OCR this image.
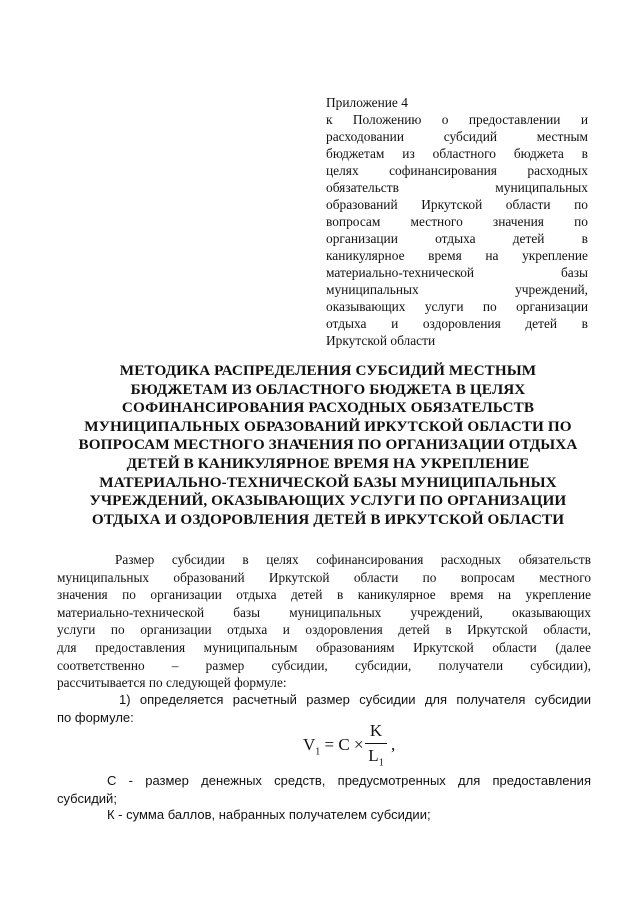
Приложение 4
к Положению о предоставлении и
расходовании субсидий местным
бюджетам из областного бюджета в
целях софинансирования расходных
обязательств муниципальных
образований Иркутской области по
вопросам местного значения по
организации отдыха детей в
каникулярное время на укрепление
материально-технической базы
муниципальных учреждений,
оказывающих услуги по организации
отдыха и оздоровления детей в
Иркутской области
МЕТОДИКА РАСПРЕДЕЛЕНИЯ СУБСИДИЙ МЕСТНЫМ
БЮДЖЕТАМ ИЗ ОБЛАСТНОГО БЮДЖЕТА В ЦЕЛЯХ
СОФИНАНСИРОВАНИЯ РАСХОДНЫХ ОБЯЗАТЕЛЬСТВ
МУНИЦИПАЛЬНЫХ ОБРАЗОВАНИЙ ИРКУТСКОЙ ОБЛАСТИ ПО
ВОПРОСАМ МЕСТНОГО ЗНАЧЕНИЯ ПО ОРГАНИЗАЦИИ ОТДЫХА
ДЕТЕЙ В КАНИКУЛЯРНОЕ ВРЕМЯ НА УКРЕПЛЕНИЕ
МАТЕРИАЛЬНО-ТЕХНИЧЕСКОЙ БАЗЫ МУНИЦИПАЛЬНЫХ
УЧРЕЖДЕНИЙ, ОКАЗЫВАЮЩИХ УСЛУГИ ПО ОРГАНИЗАЦИИ
ОТДЫХА И ОЗДОРОВЛЕНИЯ ДЕТЕЙ В ИРКУТСКОЙ ОБЛАСТИ
Размер субсидии в целях софинансирования расходных обязательств
муниципальных образований Иркутской области по вопросам местного
значения по организации отдыха детей в каникулярное время на укрепление
материально-технической базы муниципальных учреждений, оказывающих
услуги по организации отдыха и оздоровления детей в Иркутской области,
для предоставления муниципальным образованиям Иркутской области (далее
соответственно – размер субсидии, субсидии, получатели субсидии),
рассчитывается по следующей формуле:
1) определяется расчетный размер субсидии для получателя субсидии
по формуле:
$V_1 = C$ ×
K
$L_1$
,
С - размер денежных средств, предусмотренных для предоставления
субсидий;
К - сумма баллов, набранных получателем субсидии;
